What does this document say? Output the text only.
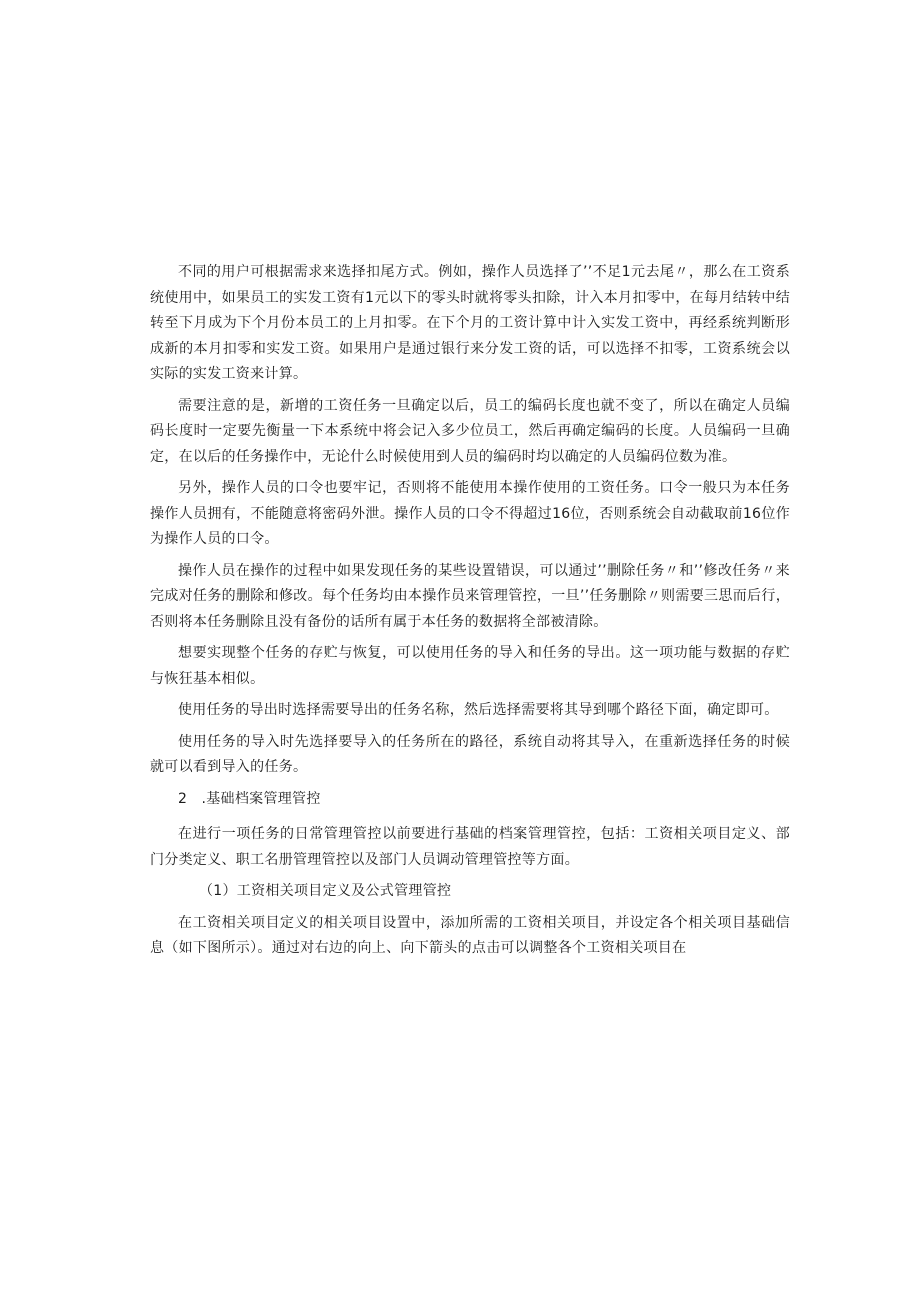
不同的用户可根据需求来选择扣尾方式。例如，操作人员选择了’’不足1元去尾〃，那么在工资系统使用中，如果员工的实发工资有1元以下的零头时就将零头扣除，计入本月扣零中，在每月结转中结转至下月成为下个月份本员工的上月扣零。在下个月的工资计算中计入实发工资中，再经系统判断形成新的本月扣零和实发工资。如果用户是通过银行来分发工资的话，可以选择不扣零，工资系统会以实际的实发工资来计算。

需要注意的是，新增的工资任务一旦确定以后，员工的编码长度也就不变了，所以在确定人员编码长度时一定要先衡量一下本系统中将会记入多少位员工，然后再确定编码的长度。人员编码一旦确定，在以后的任务操作中，无论什么时候使用到人员的编码时均以确定的人员编码位数为准。

另外，操作人员的口令也要牢记，否则将不能使用本操作使用的工资任务。口令一般只为本任务操作人员拥有，不能随意将密码外泄。操作人员的口令不得超过16位，否则系统会自动截取前16位作为操作人员的口令。

操作人员在操作的过程中如果发现任务的某些设置错误，可以通过’’删除任务〃和’’修改任务〃来完成对任务的删除和修改。每个任务均由本操作员来管理管控，一旦’’任务删除〃则需要三思而后行，否则将本任务删除且没有备份的话所有属于本任务的数据将全部被清除。

想要实现整个任务的存贮与恢复，可以使用任务的导入和任务的导出。这一项功能与数据的存贮与恢狂基本相似。

使用任务的导出时选择需要导出的任务名称，然后选择需要将其导到哪个路径下面，确定即可。

使用任务的导入时先选择要导入的任务所在的路径，系统自动将其导入，在重新选择任务的时候就可以看到导入的任务。

2　.基础档案管理管控

在进行一项任务的日常管理管控以前要进行基础的档案管理管控，包括：工资相关项目定义、部门分类定义、职工名册管理管控以及部门人员调动管理管控等方面。

（1）工资相关项目定义及公式管理管控

在工资相关项目定义的相关项目设置中，添加所需的工资相关项目，并设定各个相关项目基础信息（如下图所示）。通过对右边的向上、向下箭头的点击可以调整各个工资相关项目在
